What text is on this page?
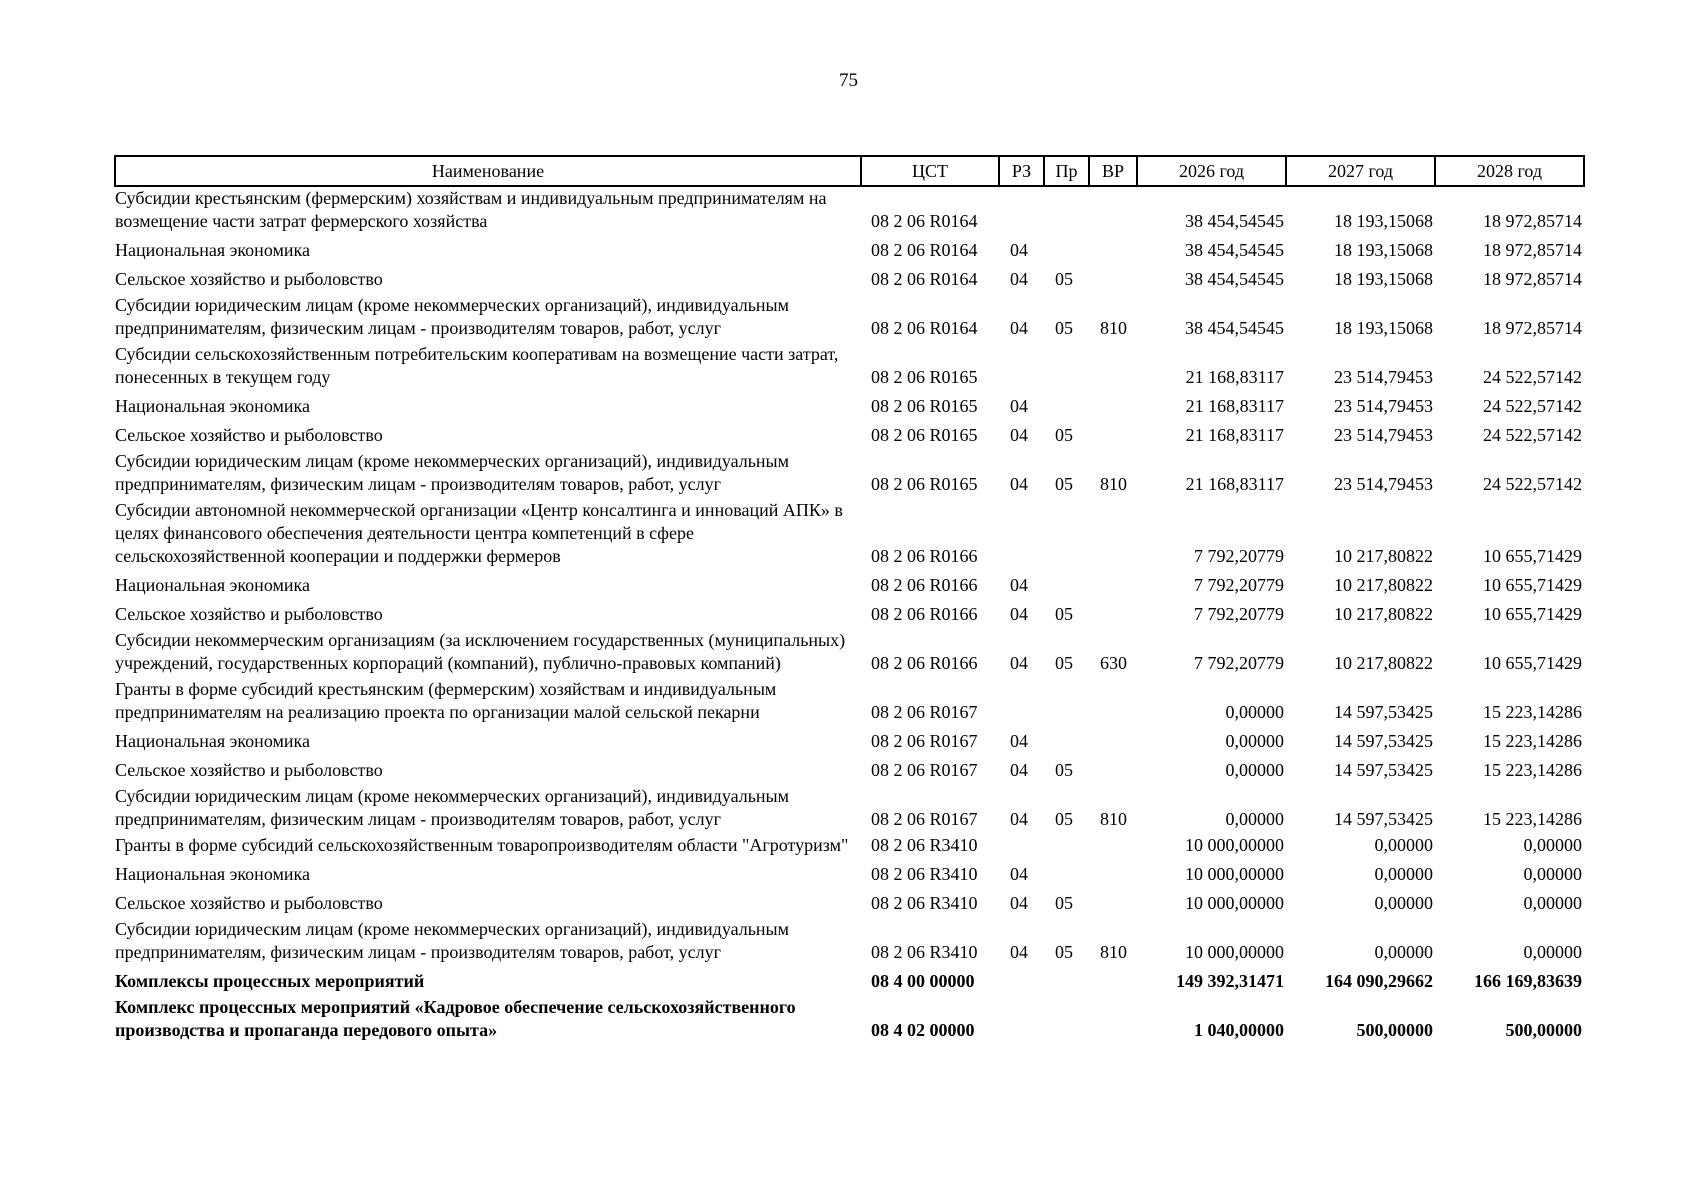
75
Наименование	ЦСТ	РЗ	Пр	ВР	2026 год	2027 год	2028 год
Субсидии крестьянским (фермерским) хозяйствам и индивидуальным предпринимателям на возмещение части затрат фермерского хозяйства	08 2 06 R0164				38 454,54545	18 193,15068	18 972,85714
Национальная экономика	08 2 06 R0164	04			38 454,54545	18 193,15068	18 972,85714
Сельское хозяйство и рыболовство	08 2 06 R0164	04	05		38 454,54545	18 193,15068	18 972,85714
Субсидии юридическим лицам (кроме некоммерческих организаций), индивидуальным предпринимателям, физическим лицам - производителям товаров, работ, услуг	08 2 06 R0164	04	05	810	38 454,54545	18 193,15068	18 972,85714
Субсидии сельскохозяйственным потребительским кооперативам на возмещение части затрат, понесенных в текущем году	08 2 06 R0165				21 168,83117	23 514,79453	24 522,57142
Национальная экономика	08 2 06 R0165	04			21 168,83117	23 514,79453	24 522,57142
Сельское хозяйство и рыболовство	08 2 06 R0165	04	05		21 168,83117	23 514,79453	24 522,57142
Субсидии юридическим лицам (кроме некоммерческих организаций), индивидуальным предпринимателям, физическим лицам - производителям товаров, работ, услуг	08 2 06 R0165	04	05	810	21 168,83117	23 514,79453	24 522,57142
Субсидии автономной некоммерческой организации «Центр консалтинга и инноваций АПК» в целях финансового обеспечения деятельности центра компетенций в сфере сельскохозяйственной кооперации и поддержки фермеров	08 2 06 R0166				7 792,20779	10 217,80822	10 655,71429
Национальная экономика	08 2 06 R0166	04			7 792,20779	10 217,80822	10 655,71429
Сельское хозяйство и рыболовство	08 2 06 R0166	04	05		7 792,20779	10 217,80822	10 655,71429
Субсидии некоммерческим организациям (за исключением государственных (муниципальных) учреждений, государственных корпораций (компаний), публично-правовых компаний)	08 2 06 R0166	04	05	630	7 792,20779	10 217,80822	10 655,71429
Гранты в форме субсидий крестьянским (фермерским) хозяйствам и индивидуальным предпринимателям на реализацию проекта по организации малой сельской пекарни	08 2 06 R0167				0,00000	14 597,53425	15 223,14286
Национальная экономика	08 2 06 R0167	04			0,00000	14 597,53425	15 223,14286
Сельское хозяйство и рыболовство	08 2 06 R0167	04	05		0,00000	14 597,53425	15 223,14286
Субсидии юридическим лицам (кроме некоммерческих организаций), индивидуальным предпринимателям, физическим лицам - производителям товаров, работ, услуг	08 2 06 R0167	04	05	810	0,00000	14 597,53425	15 223,14286
Гранты в форме субсидий сельскохозяйственным товаропроизводителям области "Агротуризм"	08 2 06 R3410				10 000,00000	0,00000	0,00000
Национальная экономика	08 2 06 R3410	04			10 000,00000	0,00000	0,00000
Сельское хозяйство и рыболовство	08 2 06 R3410	04	05		10 000,00000	0,00000	0,00000
Субсидии юридическим лицам (кроме некоммерческих организаций), индивидуальным предпринимателям, физическим лицам - производителям товаров, работ, услуг	08 2 06 R3410	04	05	810	10 000,00000	0,00000	0,00000
Комплексы процессных мероприятий	08 4 00 00000				149 392,31471	164 090,29662	166 169,83639
Комплекс процессных мероприятий «Кадровое обеспечение сельскохозяйственного производства и пропаганда передового опыта»	08 4 02 00000				1 040,00000	500,00000	500,00000
